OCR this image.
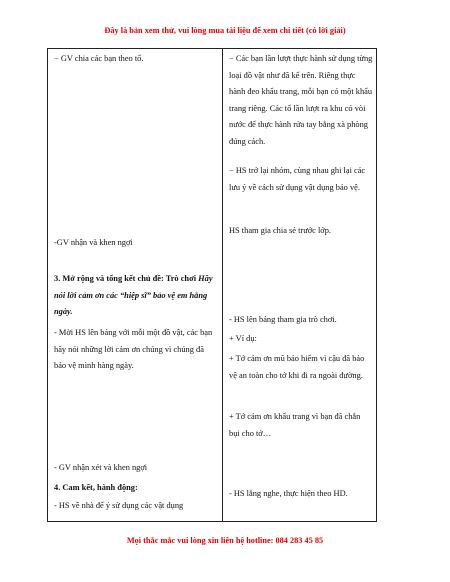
Đây là bản xem thử, vui lòng mua tài liệu để xem chi tiết (có lời giải)

− GV chia các bạn theo tổ.

-GV nhận và khen ngợi

3. Mở rộng và tổng kết chủ đề: Trò chơi Hãy nói lời cảm ơn các “hiệp sĩ” bảo vệ em hằng ngày.

- Mời HS lên bảng với mỗi một đồ vật, các bạn hãy nói những lời cảm ơn chúng vì chúng đã bảo vệ mình hàng ngày.

- GV nhận xét và khen ngợi

4. Cam kết, hành động:

- HS về nhà để ý sử dụng các vật dụng

− Các bạn lần lượt thực hành sử dụng từng loại đồ vật như đã kể trên. Riêng thực hành đeo khẩu trang, mỗi bạn có một khẩu trang riêng. Các tổ lần lượt ra khu có vòi nước để thực hành rửa tay bằng xà phòng đúng cách.

− HS trở lại nhóm, cùng nhau ghi lại các lưu ý về cách sử dụng vật dụng bảo vệ.

HS tham gia chia sẻ trước lớp.

- HS lên bảng tham gia trò chơi.

+ Ví dụ:

+ Tớ cảm ơn mũ bảo hiểm vì cậu đã bảo vệ an toàn cho tớ khi đi ra ngoài đường.

+ Tớ cảm ơn khẩu trang vì bạn đã chắn bụi cho tớ…

- HS lắng nghe, thực hiện theo HD.

Mọi thắc mắc vui lòng xin liên hệ hotline: 084 283 45 85
